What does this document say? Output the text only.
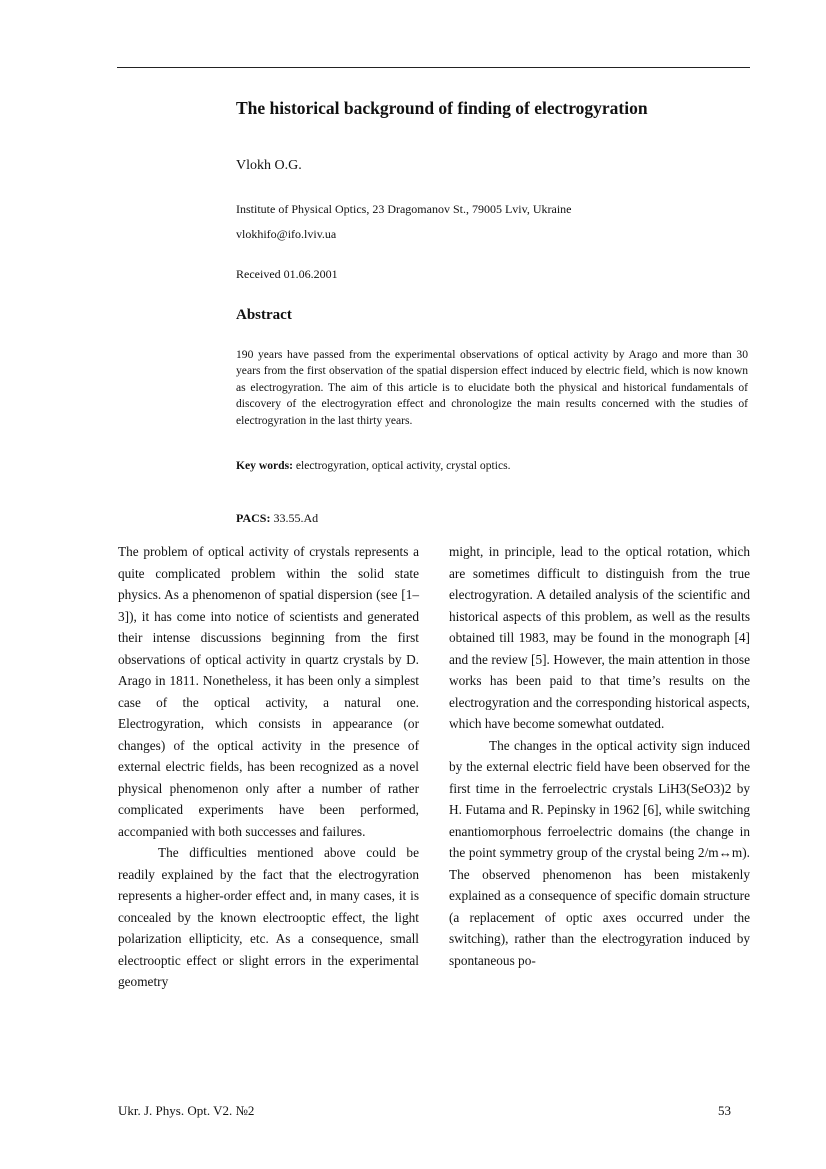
The historical background of finding of electrogyration
Vlokh O.G.
Institute of Physical Optics, 23 Dragomanov St., 79005 Lviv, Ukraine
vlokhifo@ifo.lviv.ua
Received 01.06.2001
Abstract

190 years have passed from the experimental observations of optical activity by Arago and more than 30 years from the first observation of the spatial dispersion effect induced by electric field, which is now known as electrogyration. The aim of this article is to elucidate both the physical and historical fundamentals of discovery of the electrogyration effect and chronologize the main results concerned with the studies of electrogyration in the last thirty years.

Key words: electrogyration, optical activity, crystal optics.
PACS: 33.55.Ad

The problem of optical activity of crystals represents a quite complicated problem within the solid state physics. As a phenomenon of spatial dispersion (see [1–3]), it has come into notice of scientists and generated their intense discussions beginning from the first observations of optical activity in quartz crystals by D. Arago in 1811. Nonetheless, it has been only a simplest case of the optical activity, a natural one. Electrogyration, which consists in appearance (or changes) of the optical activity in the presence of external electric fields, has been recognized as a novel physical phenomenon only after a number of rather complicated experiments have been performed, accompanied with both successes and failures.

The difficulties mentioned above could be readily explained by the fact that the electrogyration represents a higher-order effect and, in many cases, it is concealed by the known electrooptic effect, the light polarization ellipticity, etc. As a consequence, small electrooptic effect or slight errors in the experimental geometry

might, in principle, lead to the optical rotation, which are sometimes difficult to distinguish from the true electrogyration. A detailed analysis of the scientific and historical aspects of this problem, as well as the results obtained till 1983, may be found in the monograph [4] and the review [5]. However, the main attention in those works has been paid to that time’s results on the electrogyration and the corresponding historical aspects, which have become somewhat outdated.

The changes in the optical activity sign induced by the external electric field have been observed for the first time in the ferroelectric crystals LiH3(SeO3)2 by H. Futama and R. Pepinsky in 1962 [6], while switching enantiomorphous ferroelectric domains (the change in the point symmetry group of the crystal being 2/m↔m). The observed phenomenon has been mistakenly explained as a consequence of specific domain structure (a replacement of optic axes occurred under the switching), rather than the electrogyration induced by spontaneous po-

Ukr. J. Phys. Opt. V2. №2	53
